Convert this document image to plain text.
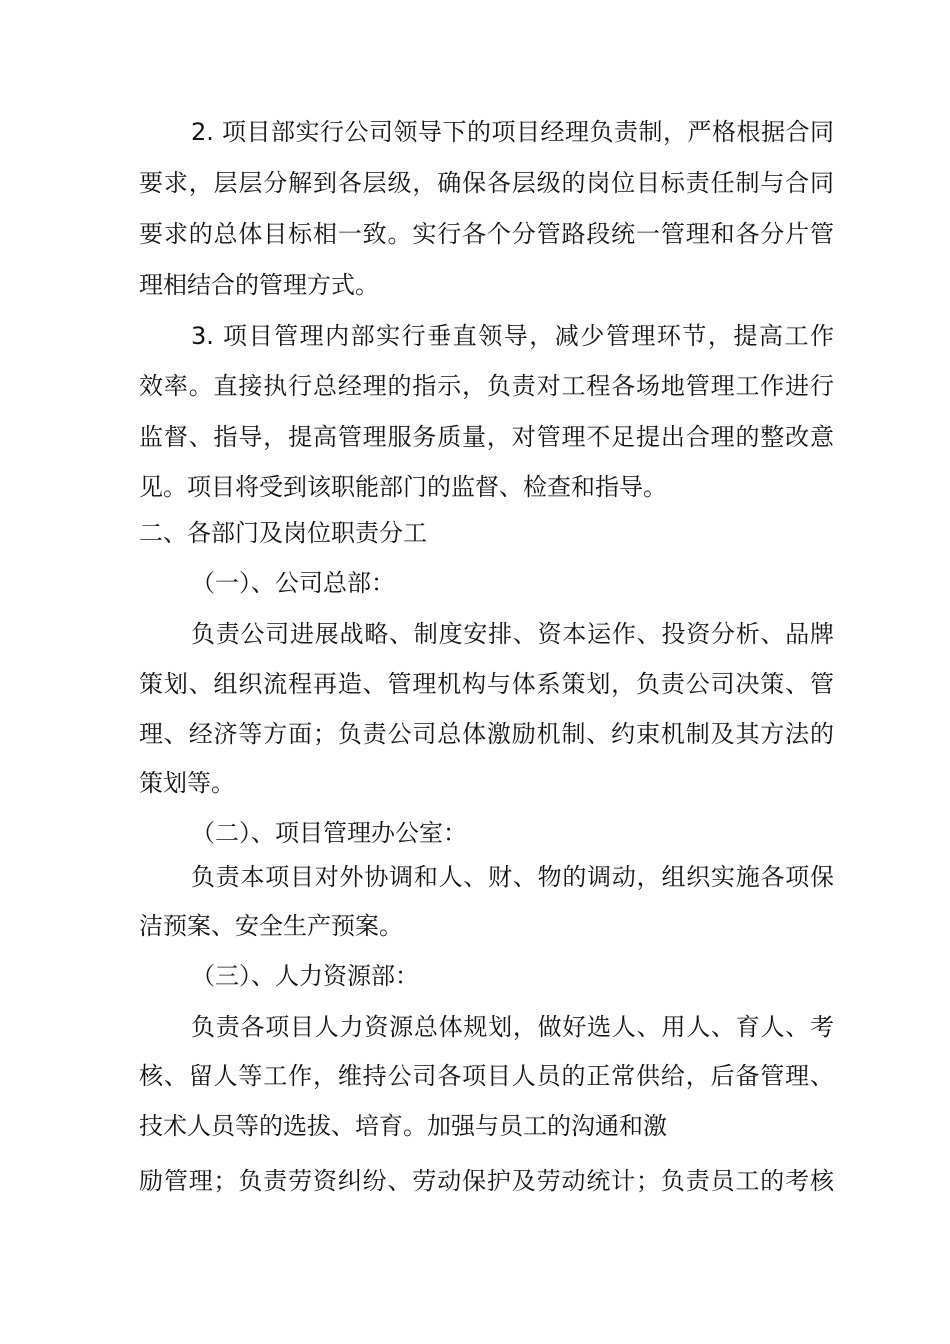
2. 项目部实行公司领导下的项目经理负责制，严格根据合同
要求，层层分解到各层级，确保各层级的岗位目标责任制与合同
要求的总体目标相一致。实行各个分管路段统一管理和各分片管
理相结合的管理方式。
3. 项目管理内部实行垂直领导，减少管理环节，提高工作
效率。直接执行总经理的指示，负责对工程各场地管理工作进行
监督、指导，提高管理服务质量，对管理不足提出合理的整改意
见。项目将受到该职能部门的监督、检查和指导。
二、各部门及岗位职责分工
（一）、公司总部：
负责公司进展战略、制度安排、资本运作、投资分析、品牌
策划、组织流程再造、管理机构与体系策划，负责公司决策、管
理、经济等方面；负责公司总体激励机制、约束机制及其方法的
策划等。
（二）、项目管理办公室：
负责本项目对外协调和人、财、物的调动，组织实施各项保
洁预案、安全生产预案。
（三）、人力资源部：
负责各项目人力资源总体规划，做好选人、用人、育人、考
核、留人等工作，维持公司各项目人员的正常供给，后备管理、
技术人员等的选拔、培育。加强与员工的沟通和激
励管理；负责劳资纠纷、劳动保护及劳动统计；负责员工的考核
